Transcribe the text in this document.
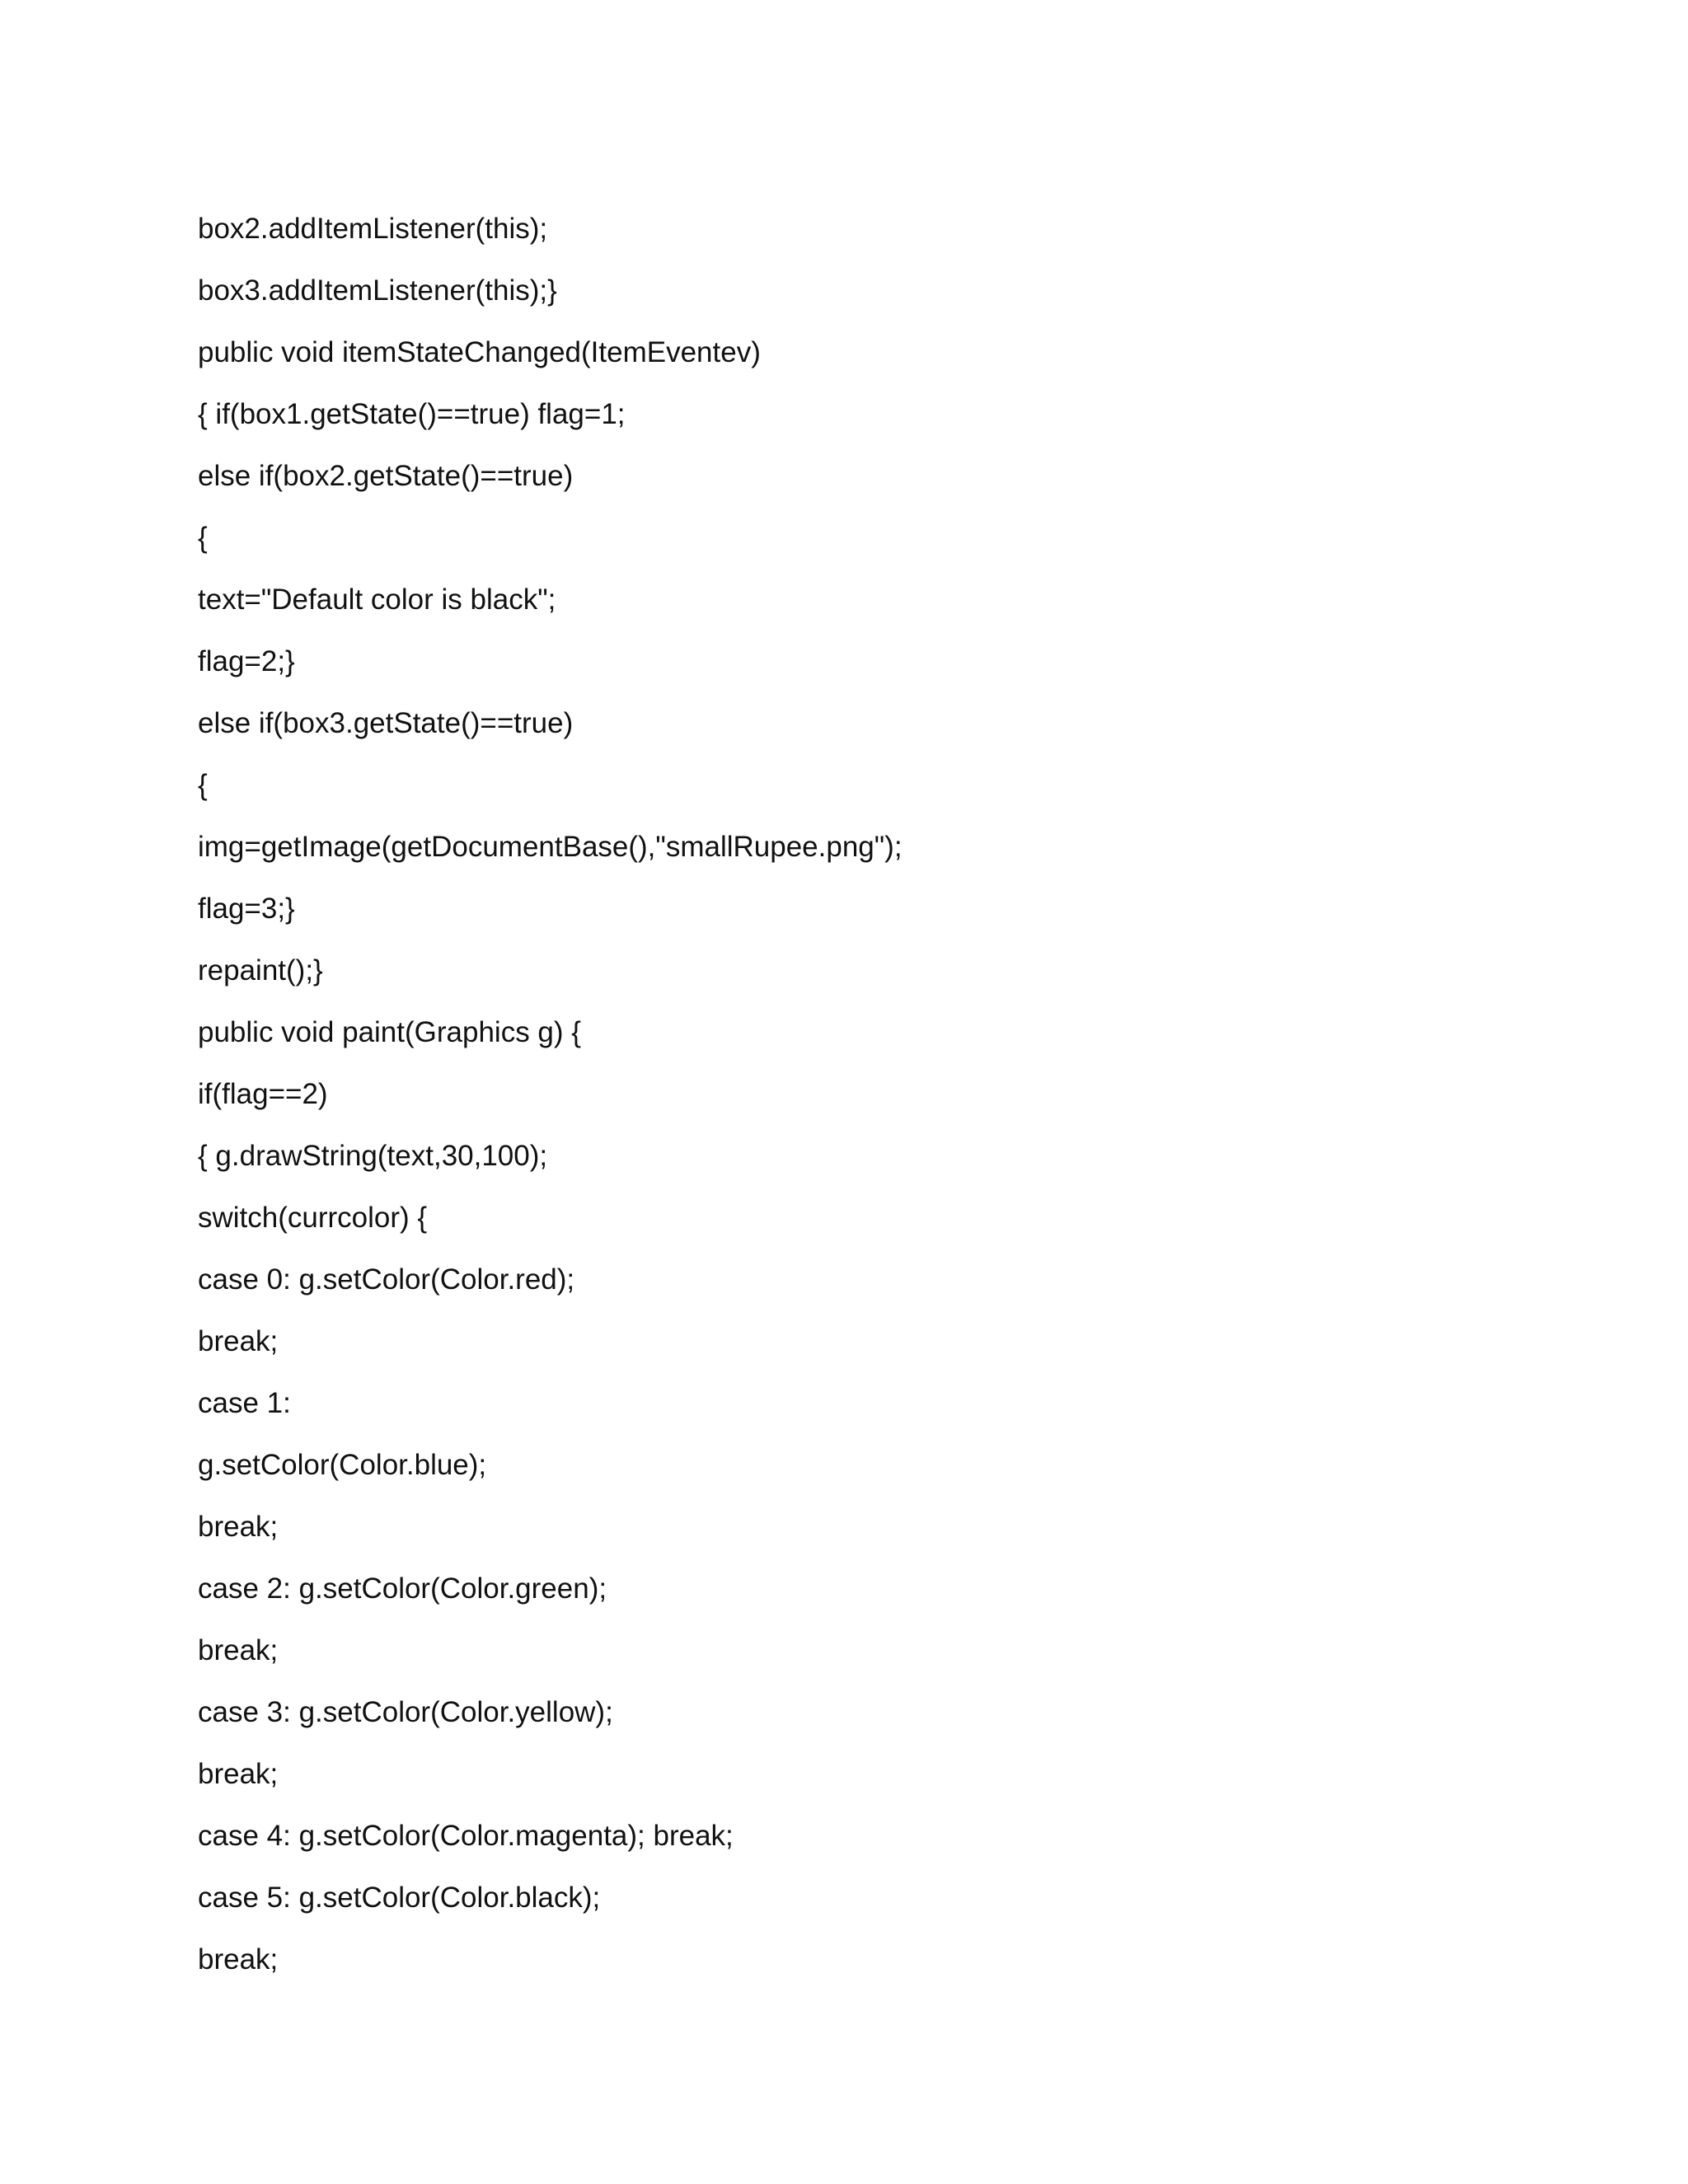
box2.addItemListener(this);
box3.addItemListener(this);}
public void itemStateChanged(ItemEventev)
{ if(box1.getState()==true) flag=1;
else if(box2.getState()==true)
{
text="Default color is black";
flag=2;}
else if(box3.getState()==true)
{
img=getImage(getDocumentBase(),"smallRupee.png");
flag=3;}
repaint();}
public void paint(Graphics g) {
if(flag==2)
{ g.drawString(text,30,100);
switch(currcolor) {
case 0: g.setColor(Color.red);
break;
case 1:
g.setColor(Color.blue);
break;
case 2: g.setColor(Color.green);
break;
case 3: g.setColor(Color.yellow);
break;
case 4: g.setColor(Color.magenta); break;
case 5: g.setColor(Color.black);
break;
